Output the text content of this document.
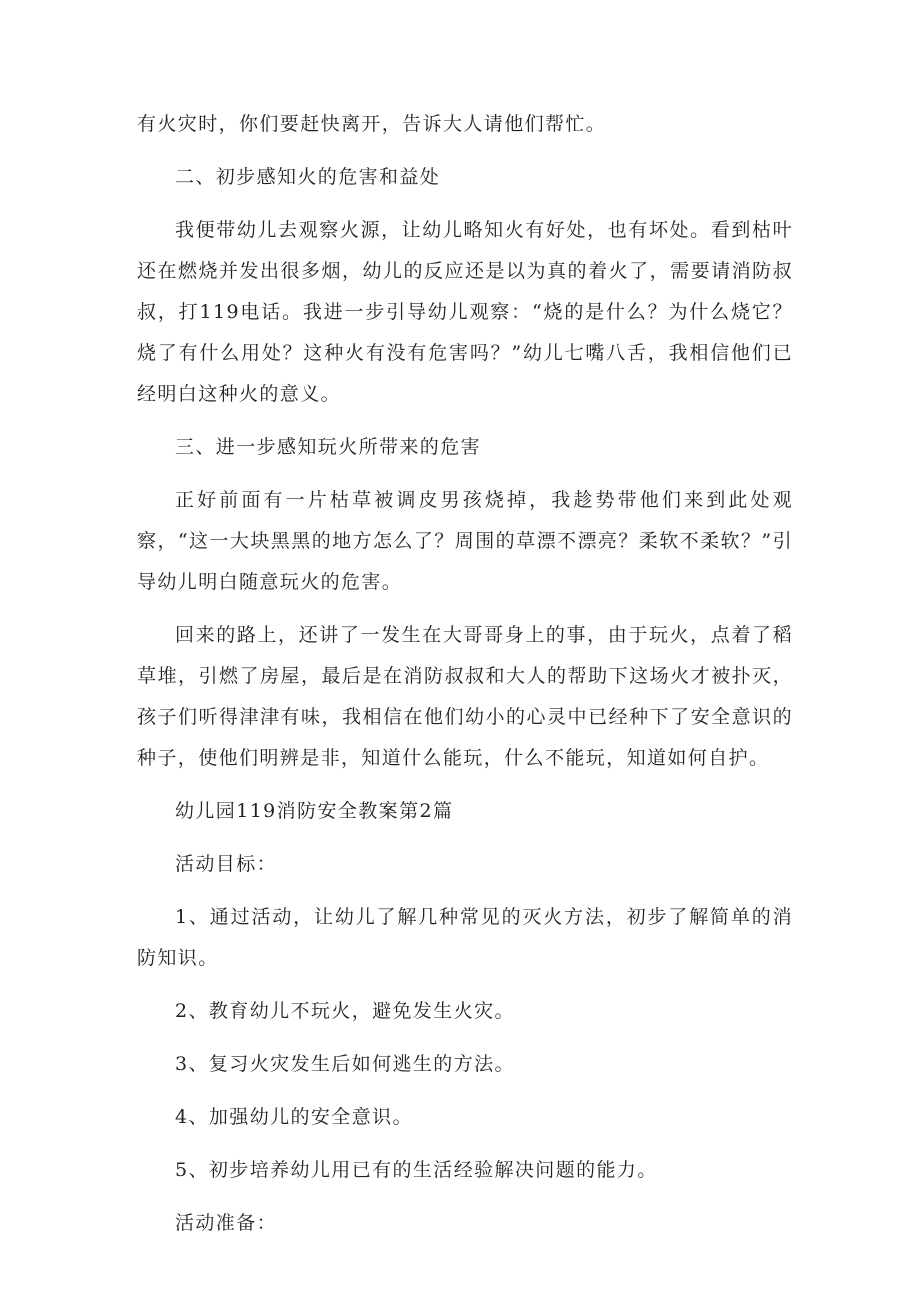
有火灾时，你们要赶快离开，告诉大人请他们帮忙。

二、初步感知火的危害和益处

我便带幼儿去观察火源，让幼儿略知火有好处，也有坏处。看到枯叶还在燃烧并发出很多烟，幼儿的反应还是以为真的着火了，需要请消防叔叔，打119电话。我进一步引导幼儿观察：“烧的是什么？为什么烧它？烧了有什么用处？这种火有没有危害吗？”幼儿七嘴八舌，我相信他们已经明白这种火的意义。

三、进一步感知玩火所带来的危害

正好前面有一片枯草被调皮男孩烧掉，我趁势带他们来到此处观察，“这一大块黑黑的地方怎么了？周围的草漂不漂亮？柔软不柔软？”引导幼儿明白随意玩火的危害。

回来的路上，还讲了一发生在大哥哥身上的事，由于玩火，点着了稻草堆，引燃了房屋，最后是在消防叔叔和大人的帮助下这场火才被扑灭，孩子们听得津津有味，我相信在他们幼小的心灵中已经种下了安全意识的种子，使他们明辨是非，知道什么能玩，什么不能玩，知道如何自护。

幼儿园119消防安全教案第2篇

活动目标：

1、通过活动，让幼儿了解几种常见的灭火方法，初步了解简单的消防知识。

2、教育幼儿不玩火，避免发生火灾。

3、复习火灾发生后如何逃生的方法。

4、加强幼儿的安全意识。

5、初步培养幼儿用已有的生活经验解决问题的能力。

活动准备：
